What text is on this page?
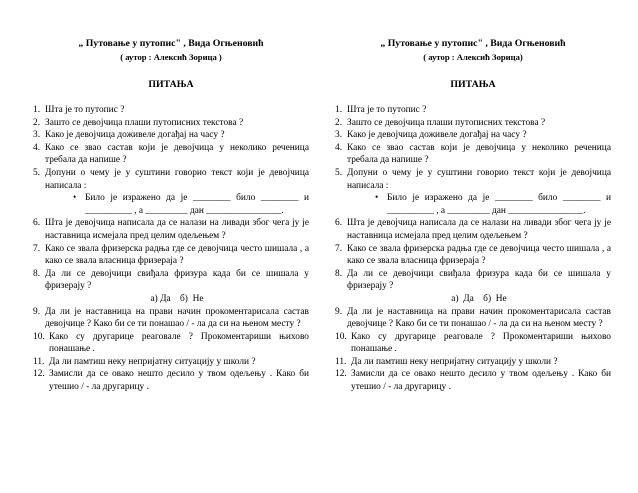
„ Путовање у путопис" , Вида Огњеновић
( аутор : Алексић Зорица )
ПИТАЊА
1. Шта је то путопис ?
2. Зашто се девојчица плаши путописних текстова ?
3. Како је девојчица доживеле догађај на часу ?
4. Како се звао састав који је девојчица у неколико реченица требала да напише ?
5. Допуни о чему је у суштини говорио текст који је девојчица написала :
• Било је изражено да је ________ било ________ и __________ , а _________ дан ________________.
6. Шта је девојчица написала да се налази на ливади због чега ју је наставница исмејала пред целим одељењем ?
7. Како се звала фризерска радња где се девојчица често шишала , а како се звала власница фризераја ?
8. Да ли се девојчици свиђала фризура када би се шишала у фризерају ?
а) Да    б)  Не
9. Да ли је наставница на прави начин прокоментарисала састав девојчице ? Како би се ти понашао / - ла да си на њеном месту ?
10. Како су другарице реаговале ? Прокоментариши њихово понашање .
11. Да ли памтиш неку непријатну ситуацију у школи ?
12. Замисли да се овако нешто десило у твом одељењу . Како би утешио / - ла другарицу .
„ Путовање у путопис" , Вида Огњеновић
( аутор : Алексић Зорица)
ПИТАЊА
1. Шта је то путопис ?
2. Зашто се девојчица плаши путописних текстова ?
3. Како је девојчица доживеле догађај на часу ?
4. Како се звао састав који је девојчица у неколико реченица требала да напише ?
5. Допуни о чему је у суштини говорио текст који је девојчица написала :
• Било је изражено да је ________ било ________ и __________ , а _________ дан ________________.
6. Шта је девојчица написала да се налази на ливади због чега ју је наставница исмејала пред целим одељењем ?
7. Како се звала фризерска радња где се девојчица често шишала , а како се звала власница фризераја ?
8. Да ли се девојчици свиђала фризура када би се шишала у фризерају ?
а)  Да    б)  Не
9. Да ли је наставница на прави начин прокоментарисала састав девојчице ? Како би се ти понашао / - ла да си на њеном месту ?
10. Како су другарице реаговале ? Прокоментариши њихово понашање .
11. Да ли памтиш неку непријатну ситуацију у школи ?
12. Замисли да се овако нешто десило у твом одељењу . Како би утешио / - ла другарицу .
